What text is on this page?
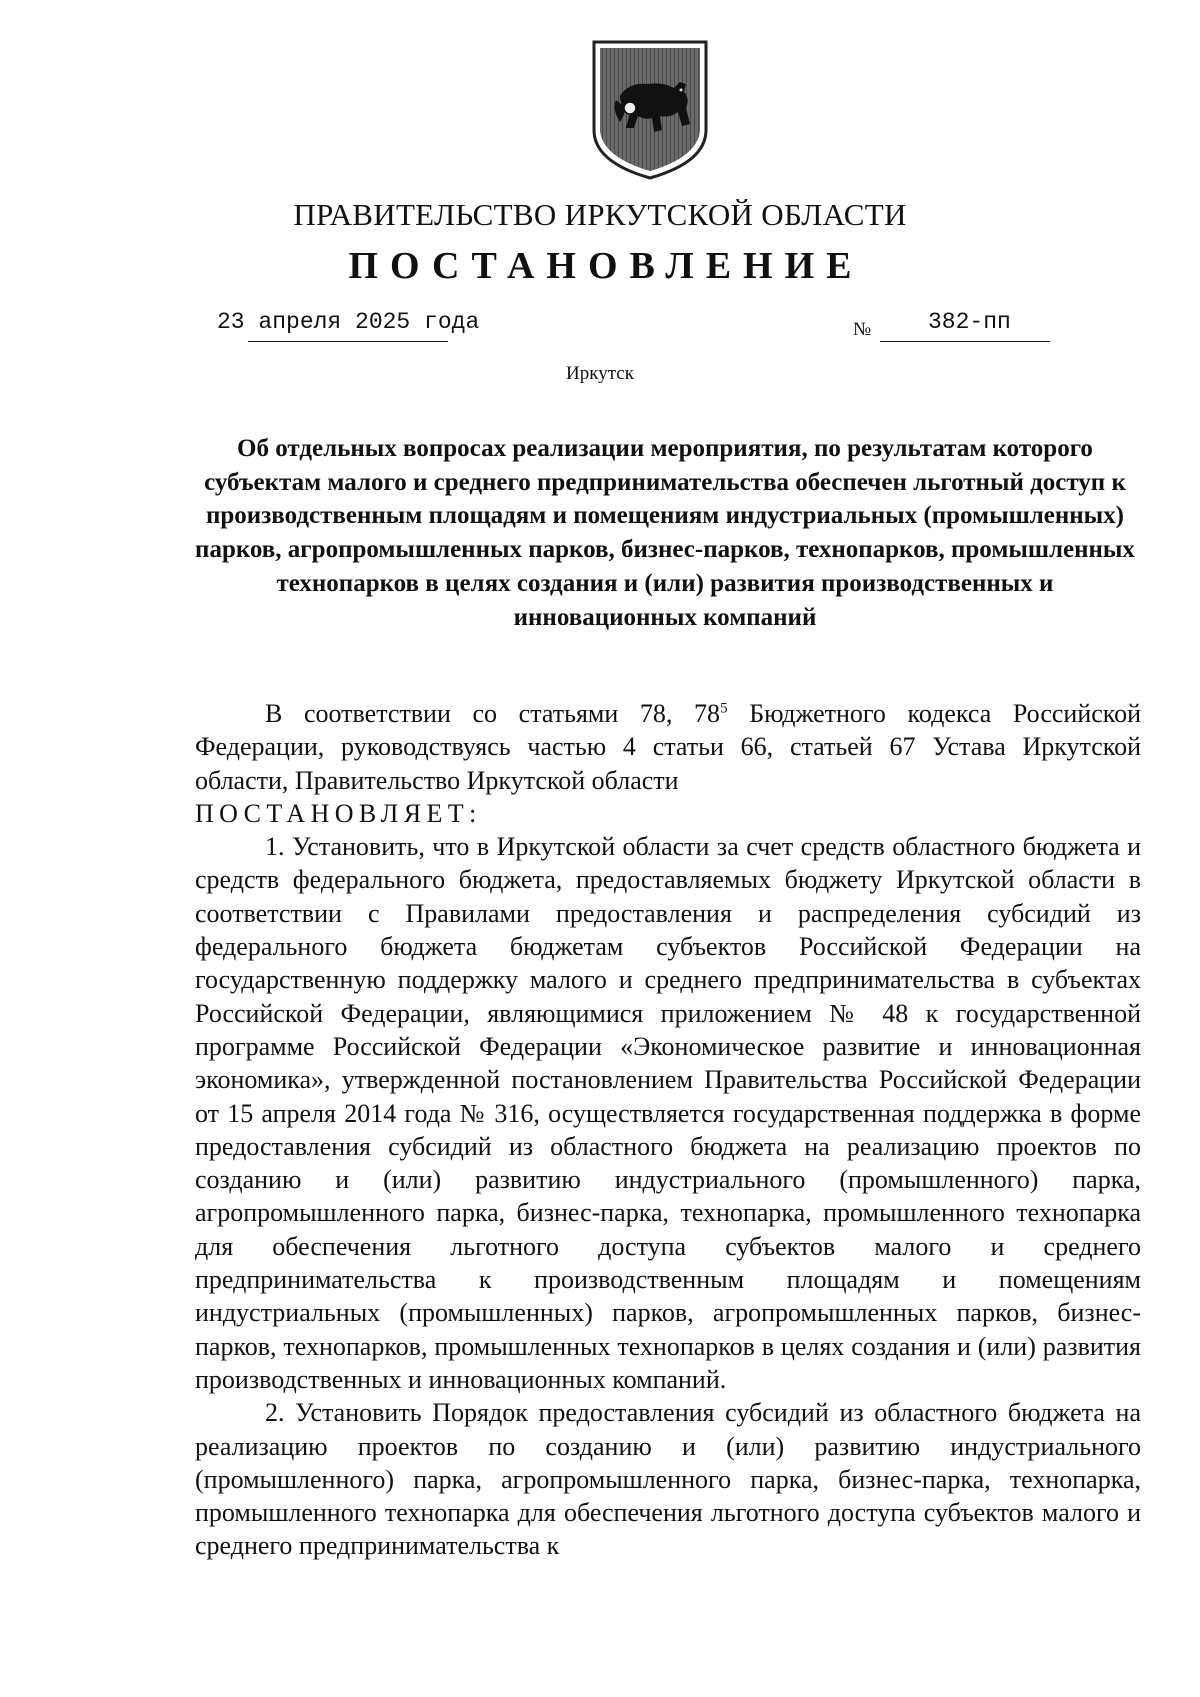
ПРАВИТЕЛЬСТВО ИРКУТСКОЙ ОБЛАСТИ
ПОСТАНОВЛЕНИЕ
23 апреля 2025 года	№ 382-пп
Иркутск
Об отдельных вопросах реализации мероприятия, по результатам которого субъектам малого и среднего предпринимательства обеспечен льготный доступ к производственным площадям и помещениям индустриальных (промышленных) парков, агропромышленных парков, бизнес-парков, технопарков, промышленных технопарков в целях создания и (или) развития производственных и инновационных компаний

В соответствии со статьями 78, $78^5$ Бюджетного кодекса Российской Федерации, руководствуясь частью 4 статьи 66, статьей 67 Устава Иркутской области, Правительство Иркутской области

ПОСТАНОВЛЯЕТ:

1. Установить, что в Иркутской области за счет средств областного бюджета и средств федерального бюджета, предоставляемых бюджету Иркутской области в соответствии с Правилами предоставления и распределения субсидий из федерального бюджета бюджетам субъектов Российской Федерации на государственную поддержку малого и среднего предпринимательства в субъектах Российской Федерации, являющимися приложением № 48 к государственной программе Российской Федерации «Экономическое развитие и инновационная экономика», утвержденной постановлением Правительства Российской Федерации от 15 апреля 2014 года № 316, осуществляется государственная поддержка в форме предоставления субсидий из областного бюджета на реализацию проектов по созданию и (или) развитию индустриального (промышленного) парка, агропромышленного парка, бизнес-парка, технопарка, промышленного технопарка для обеспечения льготного доступа субъектов малого и среднего предпринимательства к производственным площадям и помещениям индустриальных (промышленных) парков, агропромышленных парков, бизнес-парков, технопарков, промышленных технопарков в целях создания и (или) развития производственных и инновационных компаний.

2. Установить Порядок предоставления субсидий из областного бюджета на реализацию проектов по созданию и (или) развитию индустриального (промышленного) парка, агропромышленного парка, бизнес-парка, технопарка, промышленного технопарка для обеспечения льготного доступа субъектов малого и среднего предпринимательства к
